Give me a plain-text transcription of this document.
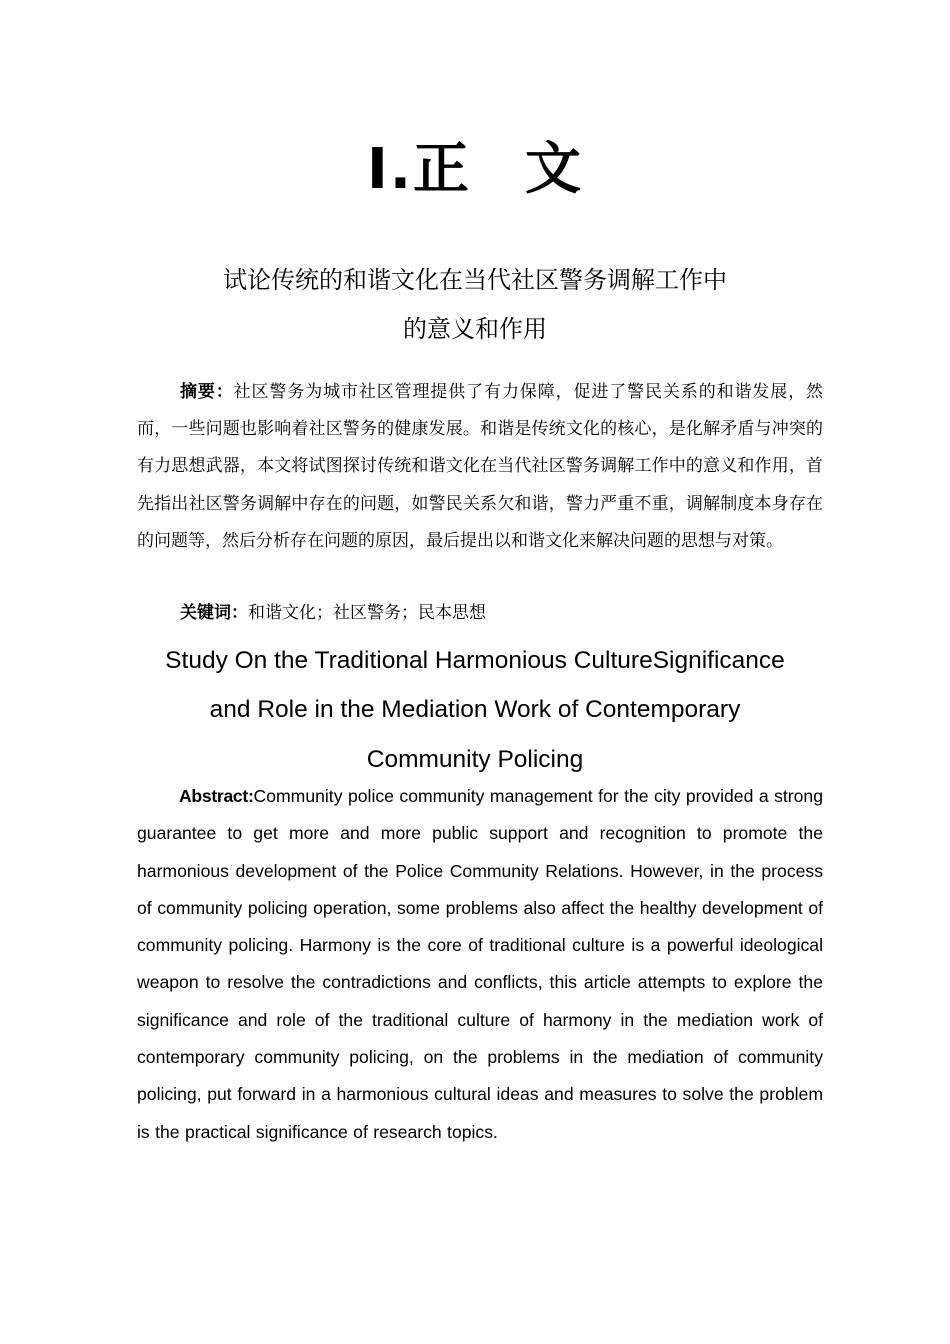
Ⅰ.正 文
试论传统的和谐文化在当代社区警务调解工作中
的意义和作用
摘要：社区警务为城市社区管理提供了有力保障，促进了警民关系的和谐发展，然而，一些问题也影响着社区警务的健康发展。和谐是传统文化的核心，是化解矛盾与冲突的有力思想武器，本文将试图探讨传统和谐文化在当代社区警务调解工作中的意义和作用，首先指出社区警务调解中存在的问题，如警民关系欠和谐，警力严重不重，调解制度本身存在的问题等，然后分析存在问题的原因，最后提出以和谐文化来解决问题的思想与对策。
关键词：和谐文化；社区警务；民本思想
Study On the Traditional Harmonious CultureSignificance
and Role in the Mediation Work of Contemporary
Community Policing
Abstract:Community police community management for the city provided a strong guarantee to get more and more public support and recognition to promote the harmonious development of the Police Community Relations. However, in the process of community policing operation, some problems also affect the healthy development of community policing. Harmony is the core of traditional culture is a powerful ideological weapon to resolve the contradictions and conflicts, this article attempts to explore the significance and role of the traditional culture of harmony in the mediation work of contemporary community policing, on the problems in the mediation of community policing, put forward in a harmonious cultural ideas and measures to solve the problem is the practical significance of research topics.
